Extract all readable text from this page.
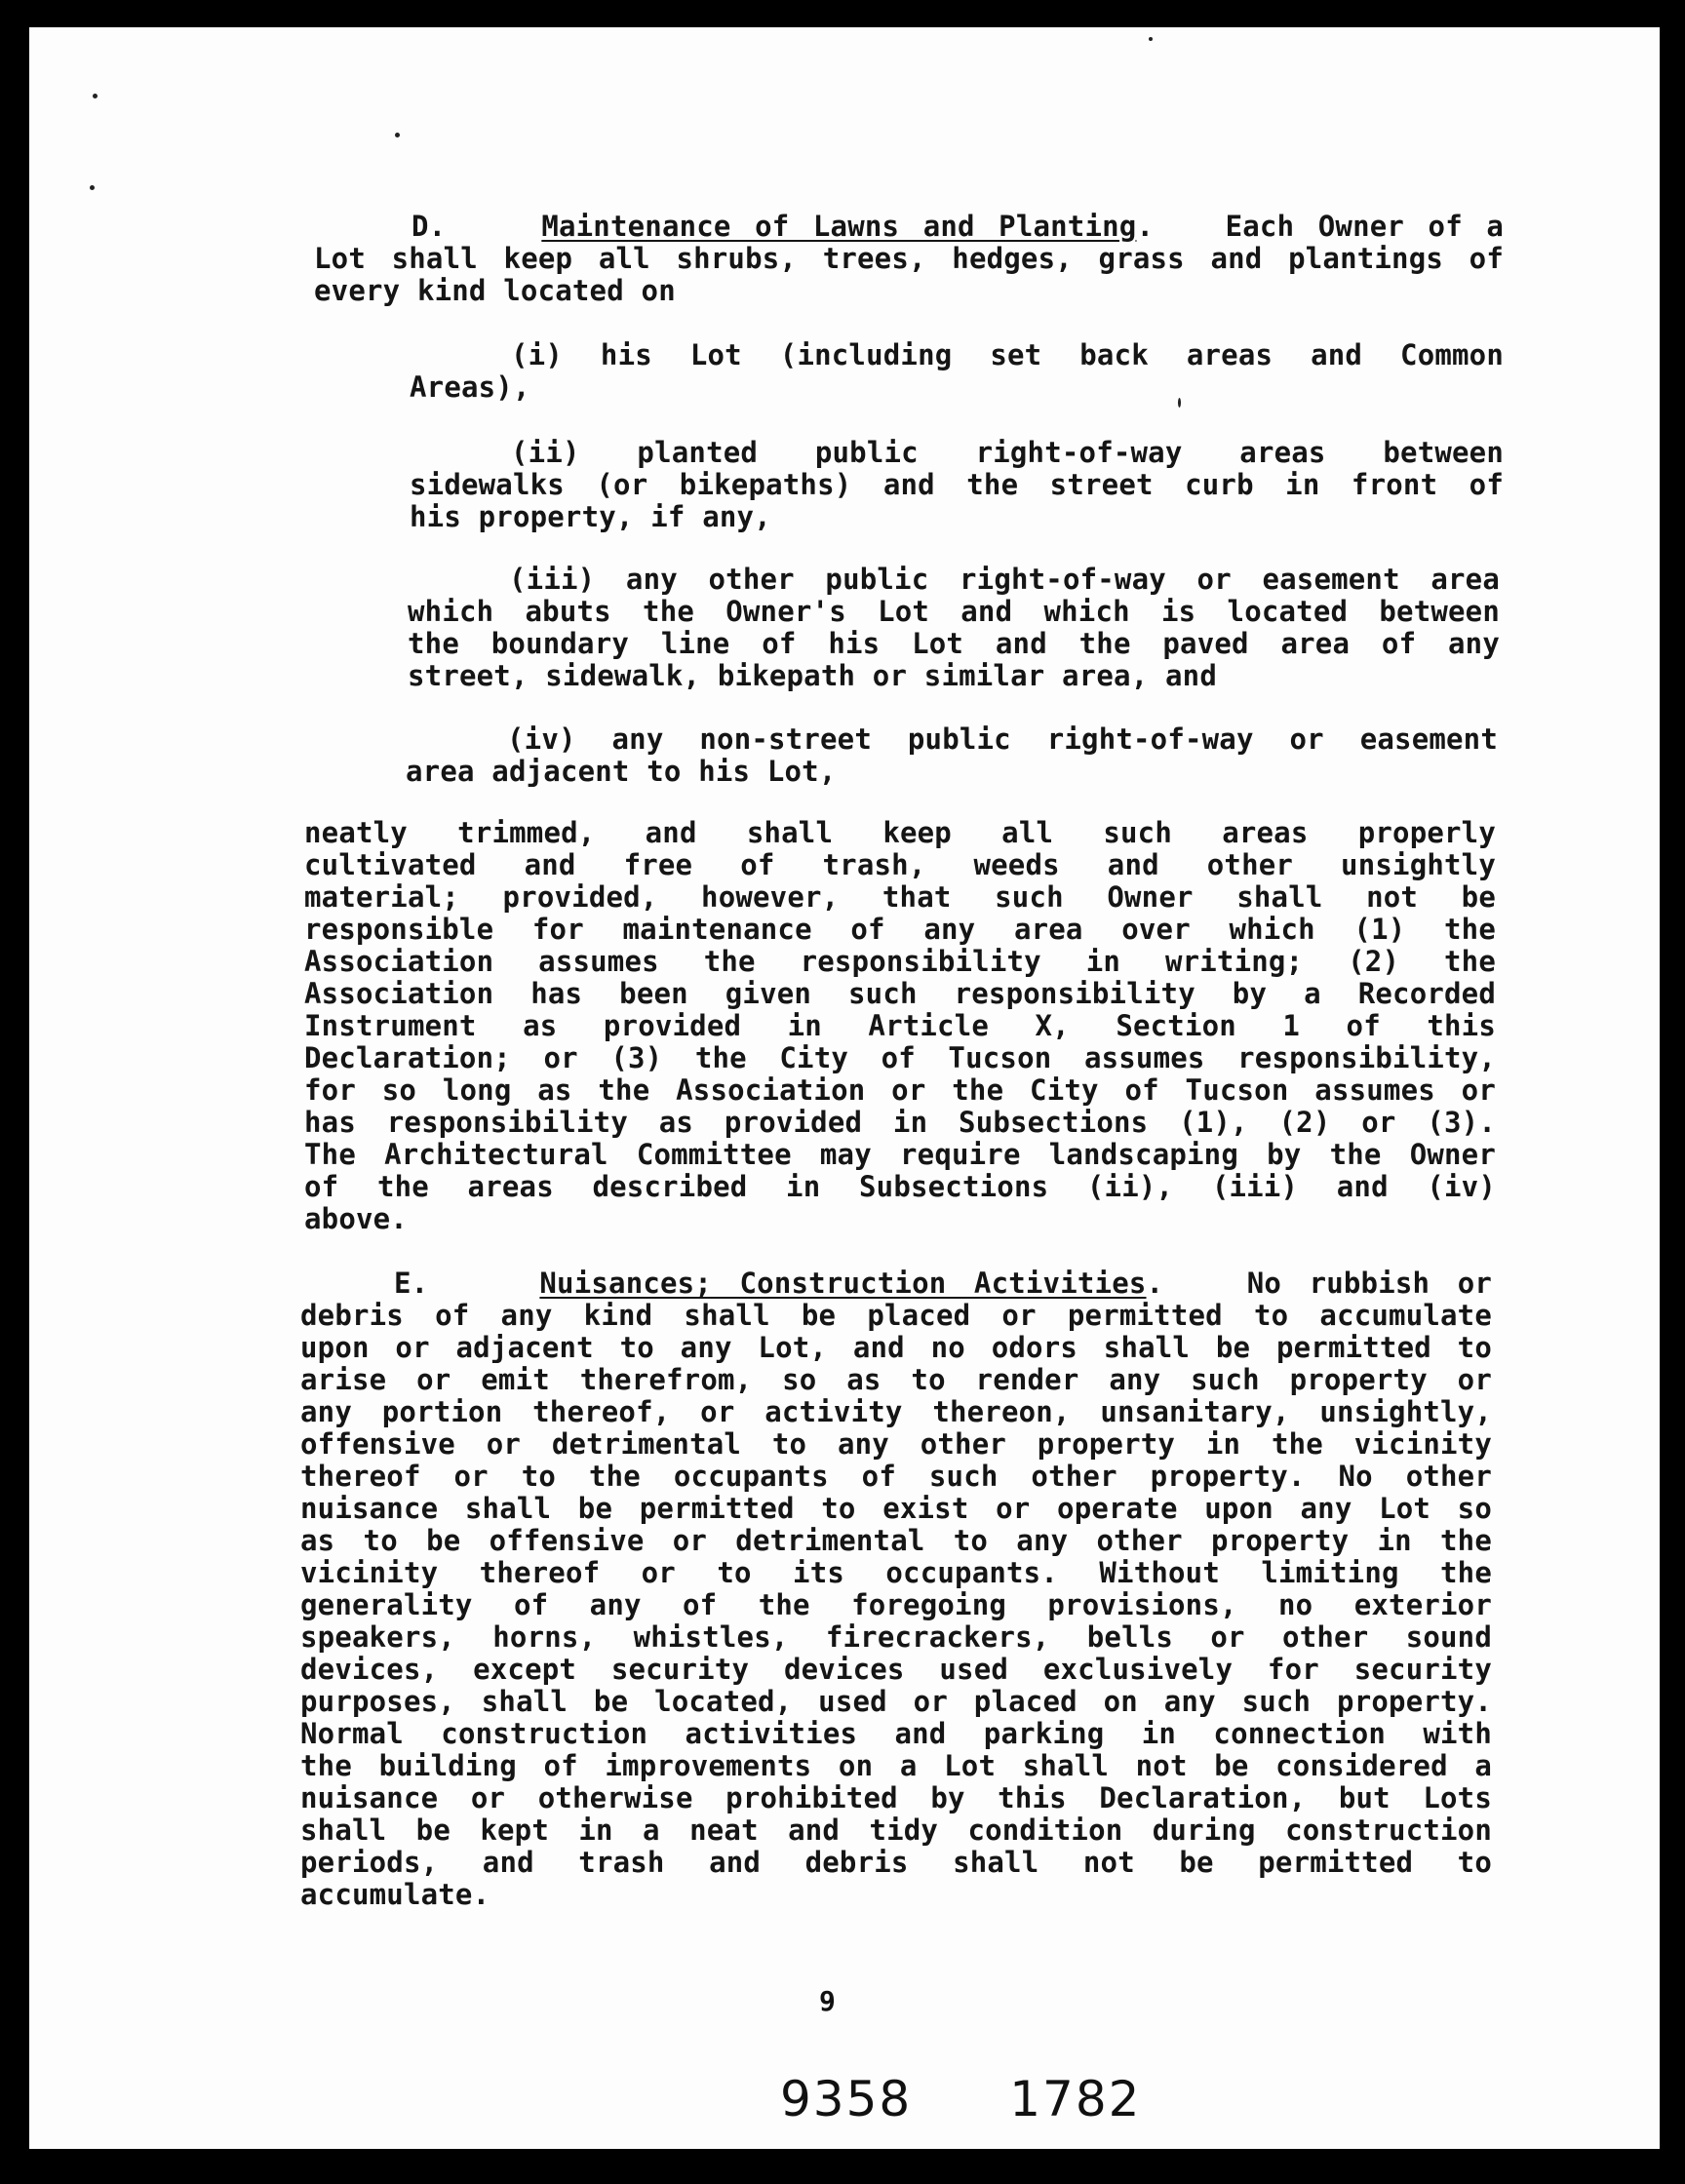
D.	Maintenance of Lawns and Planting.   Each Owner of a
Lot shall keep all shrubs, trees, hedges, grass and plantings of
every kind located on
(i) his Lot (including set back areas and Common
Areas),
(ii) planted public right-of-way areas between
sidewalks (or bikepaths) and the street curb in front of
his property, if any,
(iii) any other public right-of-way or easement area
which abuts the Owner's Lot and which is located between
the boundary line of his Lot and the paved area of any
street, sidewalk, bikepath or similar area, and
(iv) any non-street public right-of-way or easement
area adjacent to his Lot,
neatly trimmed, and shall keep all such areas properly
cultivated and free of trash, weeds and other unsightly
material; provided, however, that such Owner shall not be
responsible for maintenance of any area over which (1) the
Association assumes the responsibility in writing; (2) the
Association has been given such responsibility by a Recorded
Instrument as provided in Article X, Section 1 of this
Declaration; or (3) the City of Tucson assumes responsibility,
for so long as the Association or the City of Tucson assumes or
has responsibility as provided in Subsections (1), (2) or (3).
The Architectural Committee may require landscaping by the Owner
of the areas described in Subsections (ii), (iii) and (iv)
above.
E.	Nuisances; Construction Activities.   No rubbish or
debris of any kind shall be placed or permitted to accumulate
upon or adjacent to any Lot, and no odors shall be permitted to
arise or emit therefrom, so as to render any such property or
any portion thereof, or activity thereon, unsanitary, unsightly,
offensive or detrimental to any other property in the vicinity
thereof or to the occupants of such other property. No other
nuisance shall be permitted to exist or operate upon any Lot so
as to be offensive or detrimental to any other property in the
vicinity thereof or to its occupants. Without limiting the
generality of any of the foregoing provisions, no exterior
speakers, horns, whistles, firecrackers, bells or other sound
devices, except security devices used exclusively for security
purposes, shall be located, used or placed on any such property.
Normal construction activities and parking in connection with
the building of improvements on a Lot shall not be considered a
nuisance or otherwise prohibited by this Declaration, but Lots
shall be kept in a neat and tidy condition during construction
periods, and trash and debris shall not be permitted to
accumulate.
9
9358 1782
